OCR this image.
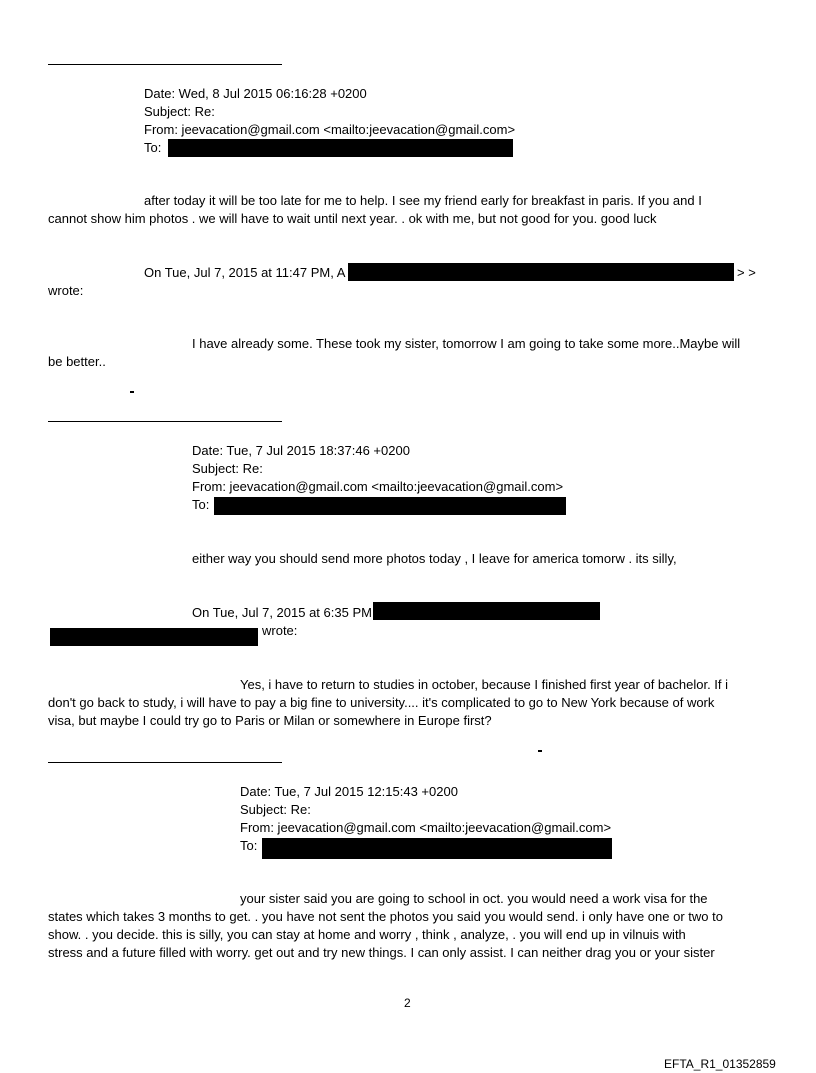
Date: Wed, 8 Jul 2015 06:16:28 +0200
Subject: Re:
From: jeevacation@gmail.com <mailto:jeevacation@gmail.com>
To:
after today it will be too late for me to help. I see my friend early for breakfast in paris. If you and I
cannot show him photos . we will have to wait until next year. . ok with me, but not good for you. good luck
On Tue, Jul 7, 2015 at 11:47 PM, A	> >
wrote:
I have already some. These took my sister, tomorrow I am going to take some more..Maybe will
be better..
Date: Tue, 7 Jul 2015 18:37:46 +0200
Subject: Re:
From: jeevacation@gmail.com <mailto:jeevacation@gmail.com>
To:
either way you should send more photos today , I leave for america tomorw . its silly,
On Tue, Jul 7, 2015 at 6:35 PM
wrote:
Yes, i have to return to studies in october, because I finished first year of bachelor. If i
don't go back to study, i will have to pay a big fine to university.... it's complicated to go to New York because of work
visa, but maybe I could try go to Paris or Milan or somewhere in Europe first?
Date: Tue, 7 Jul 2015 12:15:43 +0200
Subject: Re:
From: jeevacation@gmail.com <mailto:jeevacation@gmail.com>
To:
your sister said you are going to school in oct. you would need a work visa for the
states which takes 3 months to get. . you have not sent the photos you said you would send. i only have one or two to
show. . you decide. this is silly, you can stay at home and worry , think , analyze, . you will end up in vilnuis with
stress and a future filled with worry. get out and try new things. I can only assist. I can neither drag you or your sister
2
EFTA_R1_01352859
